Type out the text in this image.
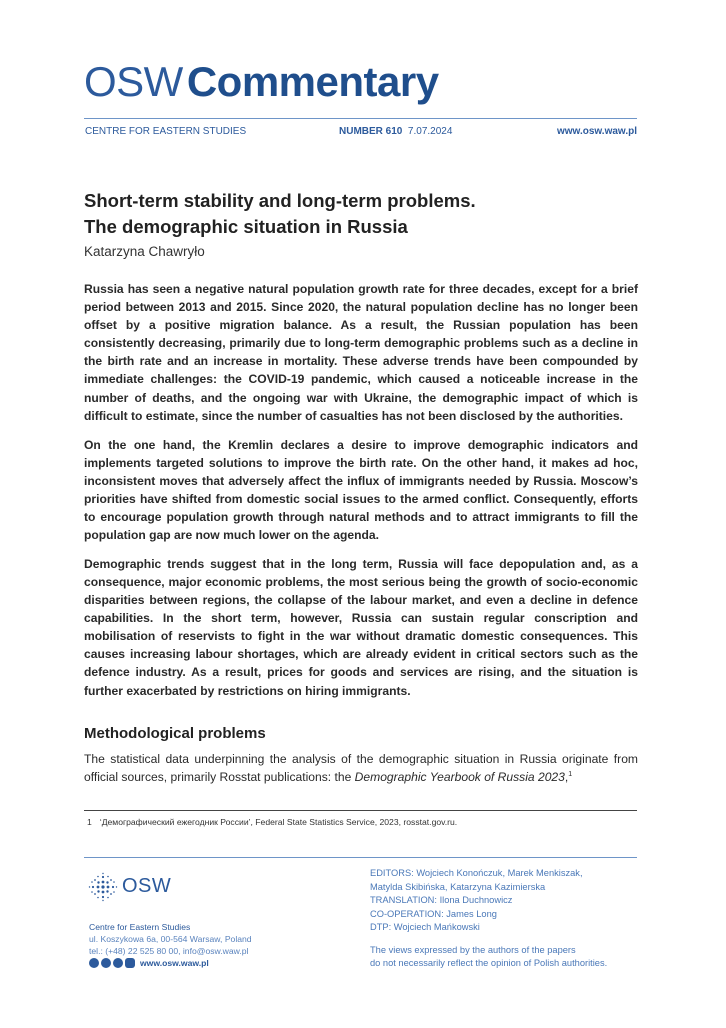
OSWCommentary
CENTRE FOR EASTERN STUDIES	NUMBER 610 7.07.2024	www.osw.waw.pl
Short-term stability and long-term problems.
The demographic situation in Russia
Katarzyna Chawryło

Russia has seen a negative natural population growth rate for three decades, except for a brief period between 2013 and 2015. Since 2020, the natural population decline has no longer been offset by a positive migration balance. As a result, the Russian population has been consistently decreasing, primarily due to long-term demographic problems such as a decline in the birth rate and an increase in mortality. These adverse trends have been compounded by immediate challenges: the COVID-19 pandemic, which caused a noticeable increase in the number of deaths, and the ongoing war with Ukraine, the demographic impact of which is difficult to estimate, since the number of casualties has not been disclosed by the authorities.

On the one hand, the Kremlin declares a desire to improve demographic indicators and implements targeted solutions to improve the birth rate. On the other hand, it makes ad hoc, inconsistent moves that adversely affect the influx of immigrants needed by Russia. Moscow’s priorities have shifted from domestic social issues to the armed conflict. Consequently, efforts to encourage population growth through natural methods and to attract immigrants to fill the population gap are now much lower on the agenda.

Demographic trends suggest that in the long term, Russia will face depopulation and, as a consequence, major economic problems, the most serious being the growth of socio-economic disparities between regions, the collapse of the labour market, and even a decline in defence capabilities. In the short term, however, Russia can sustain regular conscription and mobilisation of reservists to fight in the war without dramatic domestic consequences. This causes increasing labour shortages, which are already evident in critical sectors such as the defence industry. As a result, prices for goods and services are rising, and the situation is further exacerbated by restrictions on hiring immigrants.

Methodological problems
The statistical data underpinning the analysis of the demographic situation in Russia originate from official sources, primarily Rosstat publications: the Demographic Yearbook of Russia 2023,$^1$
1 ‘Демографический ежегодник России’, Federal State Statistics Service, 2023, rosstat.gov.ru.
OSW
Centre for Eastern Studies
ul. Koszykowa 6a, 00-564 Warsaw, Poland
tel.: (+48) 22 525 80 00, info@osw.waw.pl
www.osw.waw.pl
EDITORS: Wojciech Konończuk, Marek Menkiszak,
Matylda Skibińska, Katarzyna Kazimierska
TRANSLATION: Ilona Duchnowicz
CO-OPERATION: James Long
DTP: Wojciech Mańkowski
The views expressed by the authors of the papers
do not necessarily reflect the opinion of Polish authorities.
